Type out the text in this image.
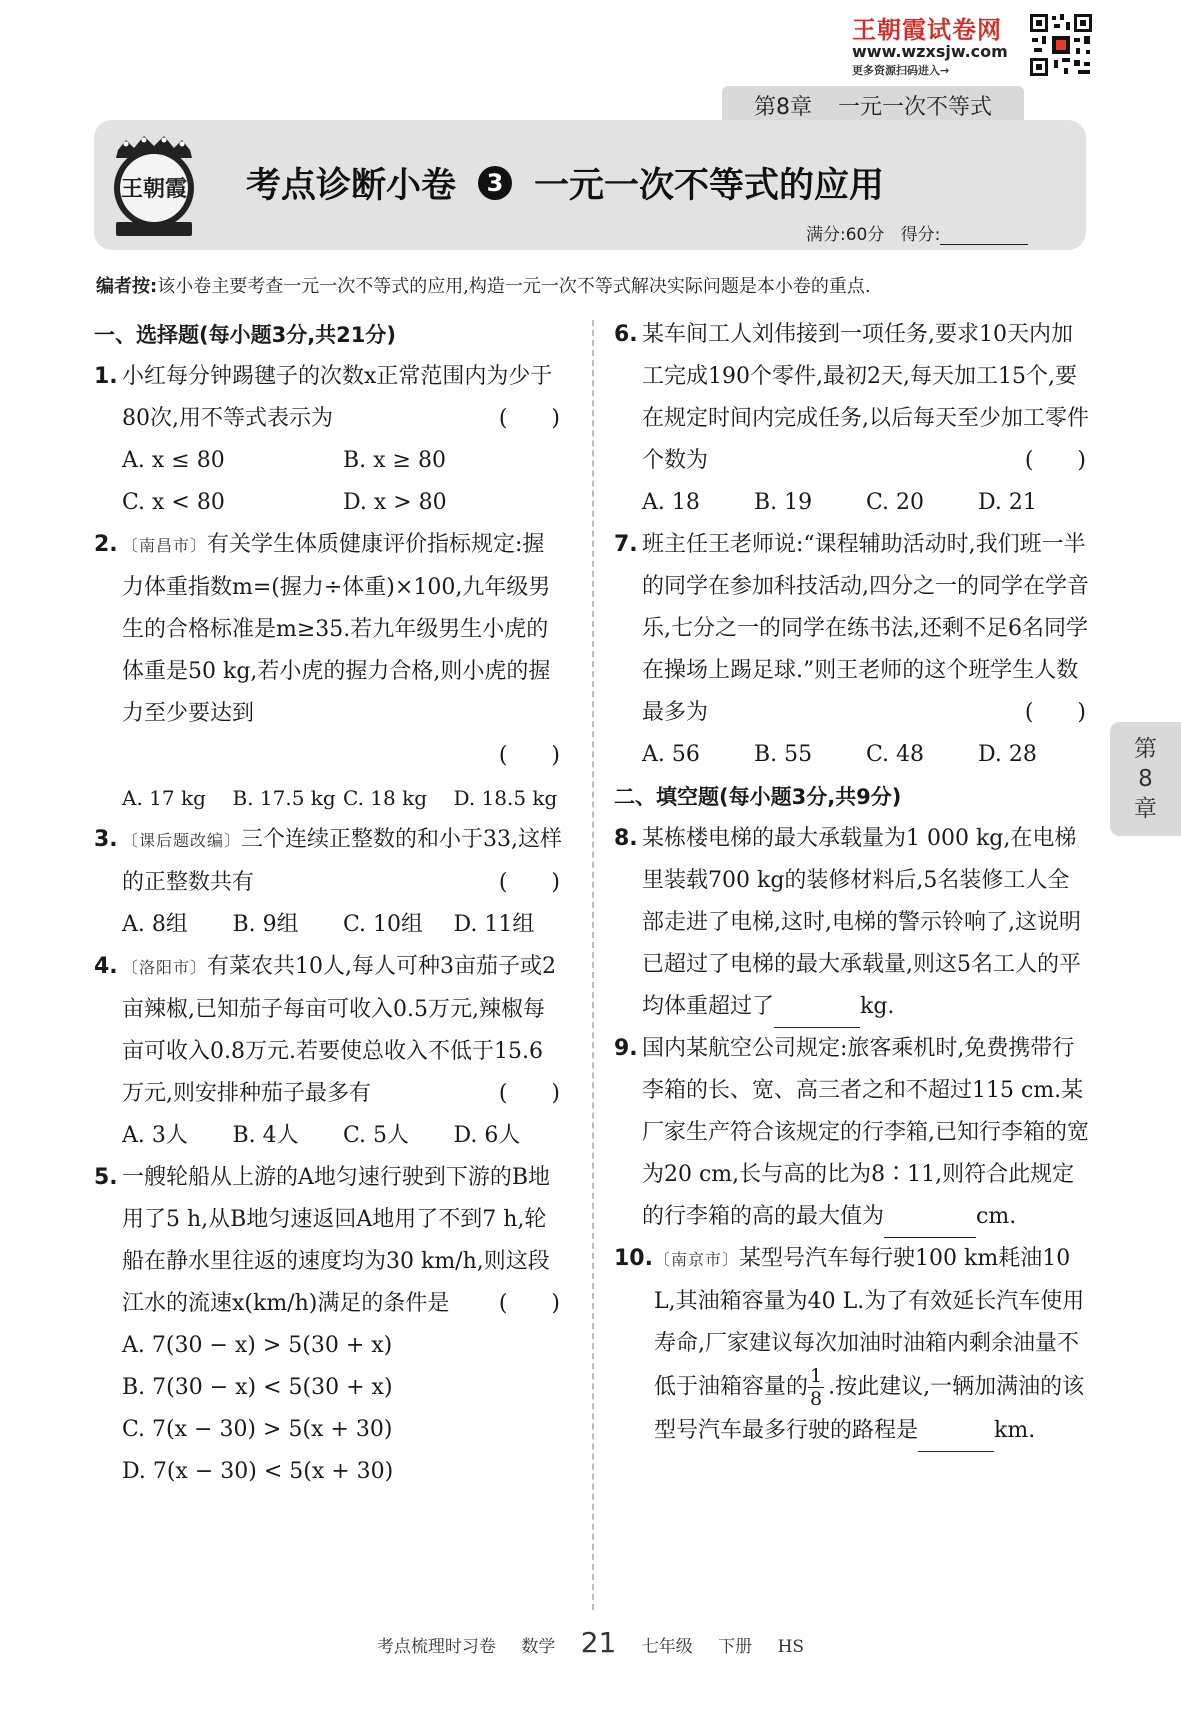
王朝霞试卷网
www.wzxsjw.com
更多资源扫码进入→
第8章 一元一次不等式
王朝霞 考点诊断小卷	3 一元一次不等式的应用
满分:60分 得分:
编者按:该小卷主要考查一元一次不等式的应用,构造一元一次不等式解决实际问题是本小卷的重点.
一、选择题(每小题3分,共21分)
1. 小红每分钟踢毽子的次数x正常范围内为少于80次,用不等式表示为	(　　)
A. x ≤ 80	B. x ≥ 80
C. x < 80	D. x > 80
2. 〔南昌市〕有关学生体质健康评价指标规定:握力体重指数m=(握力÷体重)×100,九年级男生的合格标准是m≥35.若九年级男生小虎的体重是50 kg,若小虎的握力合格,则小虎的握力至少要达到
(　　)
A. 17 kg	B. 17.5 kg C. 18 kg	D. 18.5 kg
3. 〔课后题改编〕三个连续正整数的和小于33,这样的正整数共有	(　　)
A. 8组	B. 9组	C. 10组	D. 11组
4. 〔洛阳市〕有菜农共10人,每人可种3亩茄子或2亩辣椒,已知茄子每亩可收入0.5万元,辣椒每亩可收入0.8万元.若要使总收入不低于15.6万元,则安排种茄子最多有	(　　)
A. 3人	B. 4人	C. 5人	D. 6人
5. 一艘轮船从上游的A地匀速行驶到下游的B地用了5 h,从B地匀速返回A地用了不到7 h,轮船在静水里往返的速度均为30 km/h,则这段江水的流速x(km/h)满足的条件是 (　　)
A. 7(30 − x) > 5(30 + x)
B. 7(30 − x) < 5(30 + x)
C. 7(x − 30) > 5(x + 30)
D. 7(x − 30) < 5(x + 30)
6. 某车间工人刘伟接到一项任务,要求10天内加工完成190个零件,最初2天,每天加工15个,要在规定时间内完成任务,以后每天至少加工零件个数为	(　　)
A. 18	B. 19	C. 20	D. 21
7. 班主任王老师说:“课程辅助活动时,我们班一半的同学在参加科技活动,四分之一的同学在学音乐,七分之一的同学在练书法,还剩不足6名同学在操场上踢足球.”则王老师的这个班学生人数最多为	(　　)
A. 56	B. 55	C. 48	D. 28
二、填空题(每小题3分,共9分)
8. 某栋楼电梯的最大承载量为1 000 kg,在电梯里装载700 kg的装修材料后,5名装修工人全部走进了电梯,这时,电梯的警示铃响了,这说明已超过了电梯的最大承载量,则这5名工人的平均体重超过了	kg.
9. 国内某航空公司规定:旅客乘机时,免费携带行李箱的长、宽、高三者之和不超过115 cm.某厂家生产符合该规定的行李箱,已知行李箱的宽为20 cm,长与高的比为8∶11,则符合此规定的行李箱的高的最大值为	cm.
10. 〔南京市〕某型号汽车每行驶100 km耗油10 L,其油箱容量为40 L.为了有效延长汽车使用寿命,厂家建议每次加油时油箱内剩余油量不低于油箱容量的 $\frac{1}{8}$ .按此建议,一辆加满油的该型号汽车最多行驶的路程是	km.
第
8
章
考点梳理时习卷 数学 21 七年级 下册 HS
